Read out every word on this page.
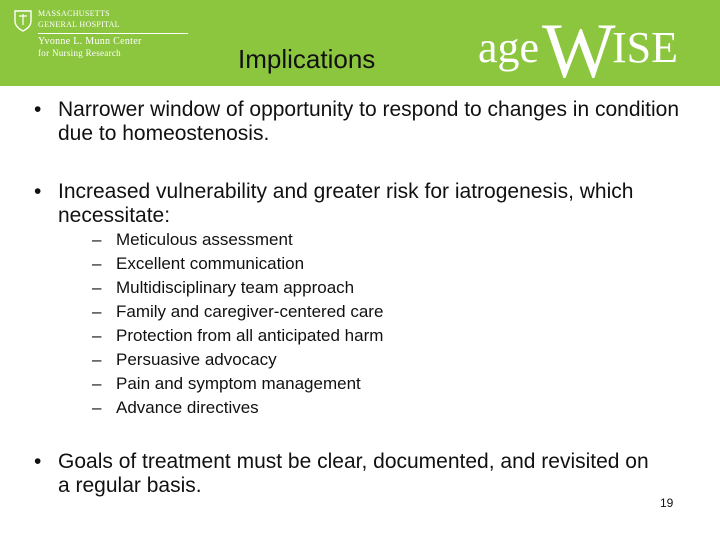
MASSACHUSETTS
GENERAL HOSPITAL
Yvonne L. Munn Center
for Nursing Research	Implications age W ISE
• Narrower window of opportunity to respond to changes in condition due to homeostenosis.
• Increased vulnerability and greater risk for iatrogenesis, which necessitate:
– Meticulous assessment
– Excellent communication
– Multidisciplinary team approach
– Family and caregiver-centered care
– Protection from all anticipated harm
– Persuasive advocacy
– Pain and symptom management
– Advance directives
• Goals of treatment must be clear, documented, and revisited on a regular basis.
19
